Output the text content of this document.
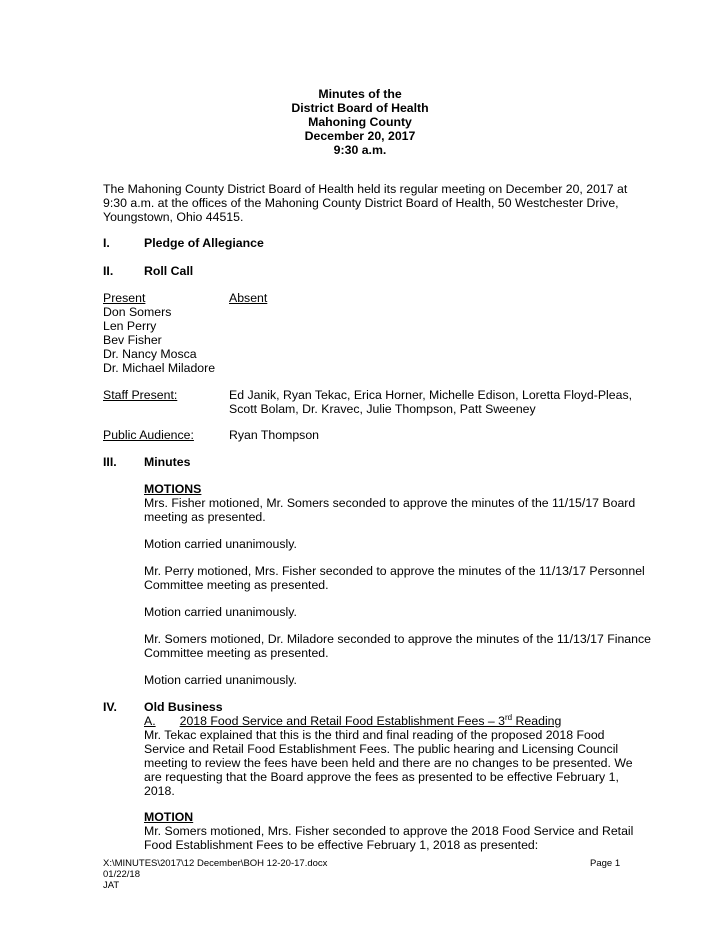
Minutes of the
District Board of Health
Mahoning County
December 20, 2017
9:30 a.m.
The Mahoning County District Board of Health held its regular meeting on December 20, 2017 at
9:30 a.m. at the offices of the Mahoning County District Board of Health, 50 Westchester Drive,
Youngstown, Ohio 44515.
I.	Pledge of Allegiance
II.	Roll Call
Present	Absent
Don Somers
Len Perry
Bev Fisher
Dr. Nancy Mosca
Dr. Michael Miladore
Staff Present:	Ed Janik, Ryan Tekac, Erica Horner, Michelle Edison, Loretta Floyd-Pleas,
Scott Bolam, Dr. Kravec, Julie Thompson, Patt Sweeney
Public Audience:	Ryan Thompson
III. Minutes
MOTIONS
Mrs. Fisher motioned, Mr. Somers seconded to approve the minutes of the 11/15/17 Board
meeting as presented.
Motion carried unanimously.
Mr. Perry motioned, Mrs. Fisher seconded to approve the minutes of the 11/13/17 Personnel
Committee meeting as presented.
Motion carried unanimously.
Mr. Somers motioned, Dr. Miladore seconded to approve the minutes of the 11/13/17 Finance
Committee meeting as presented.
Motion carried unanimously.
IV. Old Business
A. 2018 Food Service and Retail Food Establishment Fees – 3rd Reading
Mr. Tekac explained that this is the third and final reading of the proposed 2018 Food
Service and Retail Food Establishment Fees. The public hearing and Licensing Council
meeting to review the fees have been held and there are no changes to be presented. We
are requesting that the Board approve the fees as presented to be effective February 1,
2018.
MOTION
Mr. Somers motioned, Mrs. Fisher seconded to approve the 2018 Food Service and Retail
Food Establishment Fees to be effective February 1, 2018 as presented:
X:\MINUTES\2017\12 December\BOH 12-20-17.docx	Page 1
01/22/18
JAT
